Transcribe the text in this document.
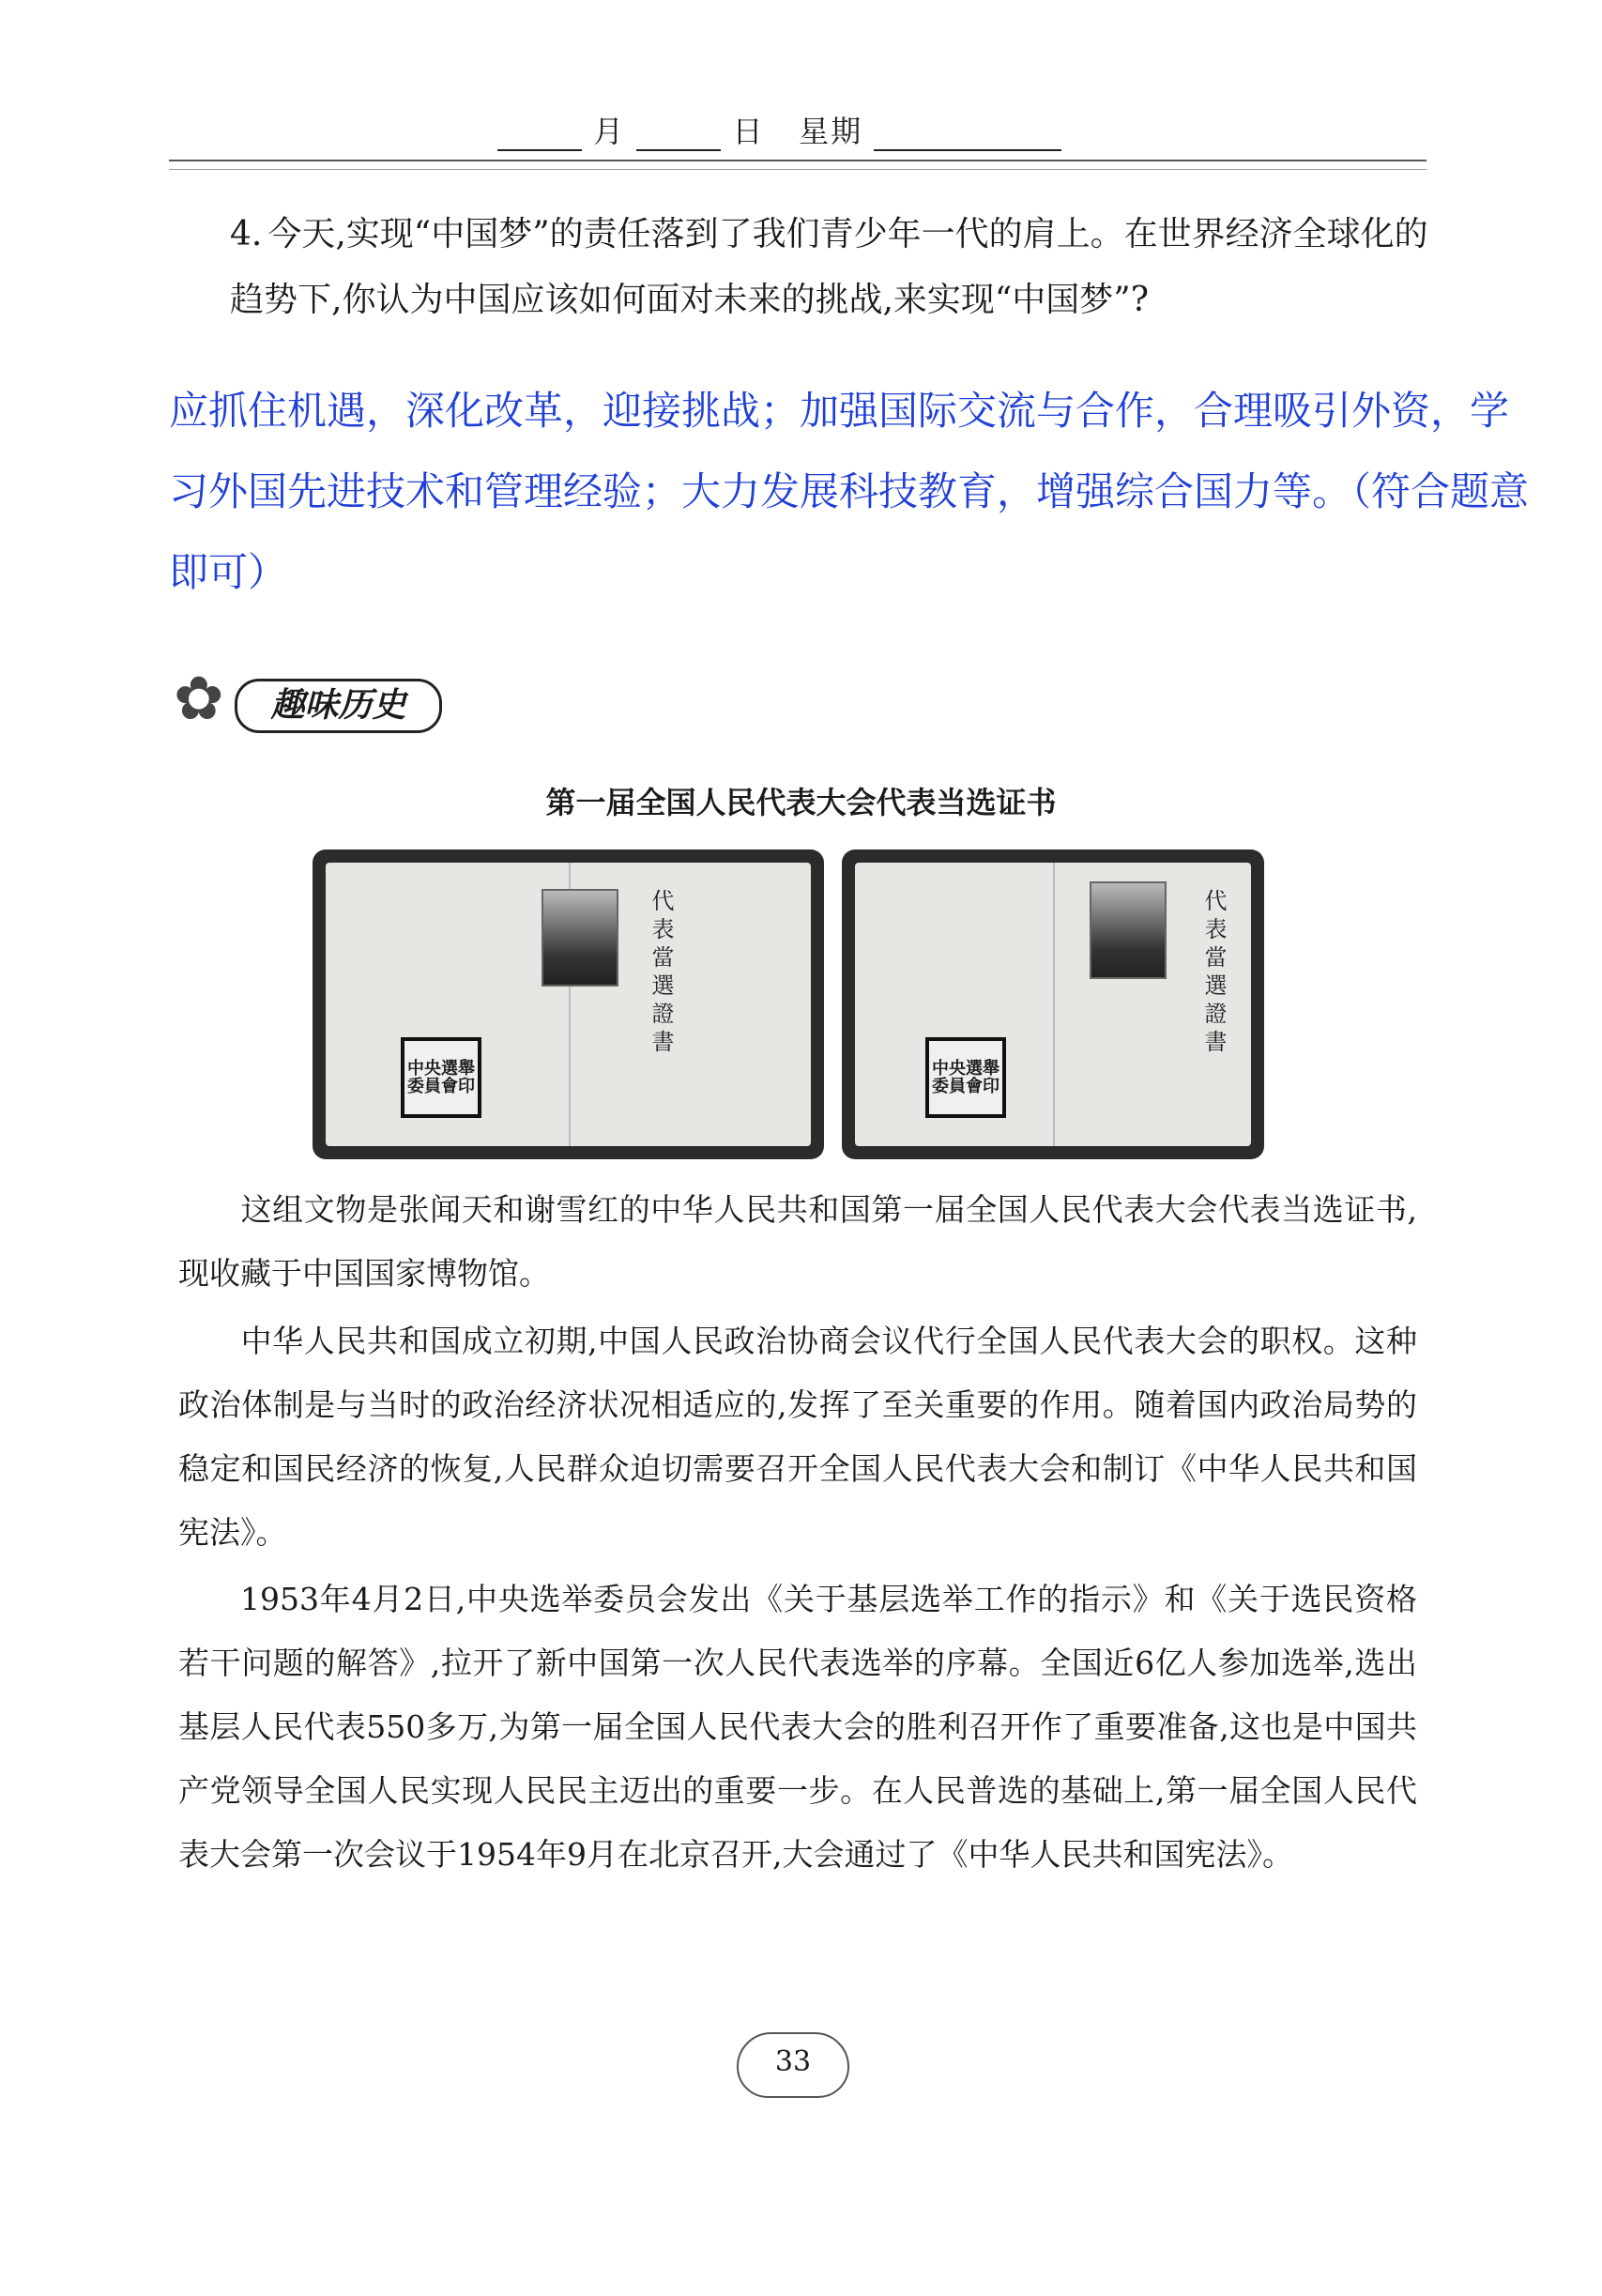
月	日 星期
4. 今天,实现“中国梦”的责任落到了我们青少年一代的肩上。在世界经济全球化的趋势下,你认为中国应该如何面对未来的挑战,来实现“中国梦”?
应抓住机遇，深化改革，迎接挑战；加强国际交流与合作，合理吸引外资，学习外国先进技术和管理经验；大力发展科技教育，增强综合国力等。（符合题意即可）
✿	趣味历史
第一届全国人民代表大会代表当选证书
代表當選證書
中央選舉委員會印
代表當選證書
中央選舉委員會印
这组文物是张闻天和谢雪红的中华人民共和国第一届全国人民代表大会代表当选证书,现收藏于中国国家博物馆。
中华人民共和国成立初期,中国人民政治协商会议代行全国人民代表大会的职权。这种政治体制是与当时的政治经济状况相适应的,发挥了至关重要的作用。随着国内政治局势的稳定和国民经济的恢复,人民群众迫切需要召开全国人民代表大会和制订《中华人民共和国宪法》。
1953年4月2日,中央选举委员会发出《关于基层选举工作的指示》和《关于选民资格若干问题的解答》,拉开了新中国第一次人民代表选举的序幕。全国近6亿人参加选举,选出基层人民代表550多万,为第一届全国人民代表大会的胜利召开作了重要准备,这也是中国共产党领导全国人民实现人民民主迈出的重要一步。在人民普选的基础上,第一届全国人民代表大会第一次会议于1954年9月在北京召开,大会通过了《中华人民共和国宪法》。
33
